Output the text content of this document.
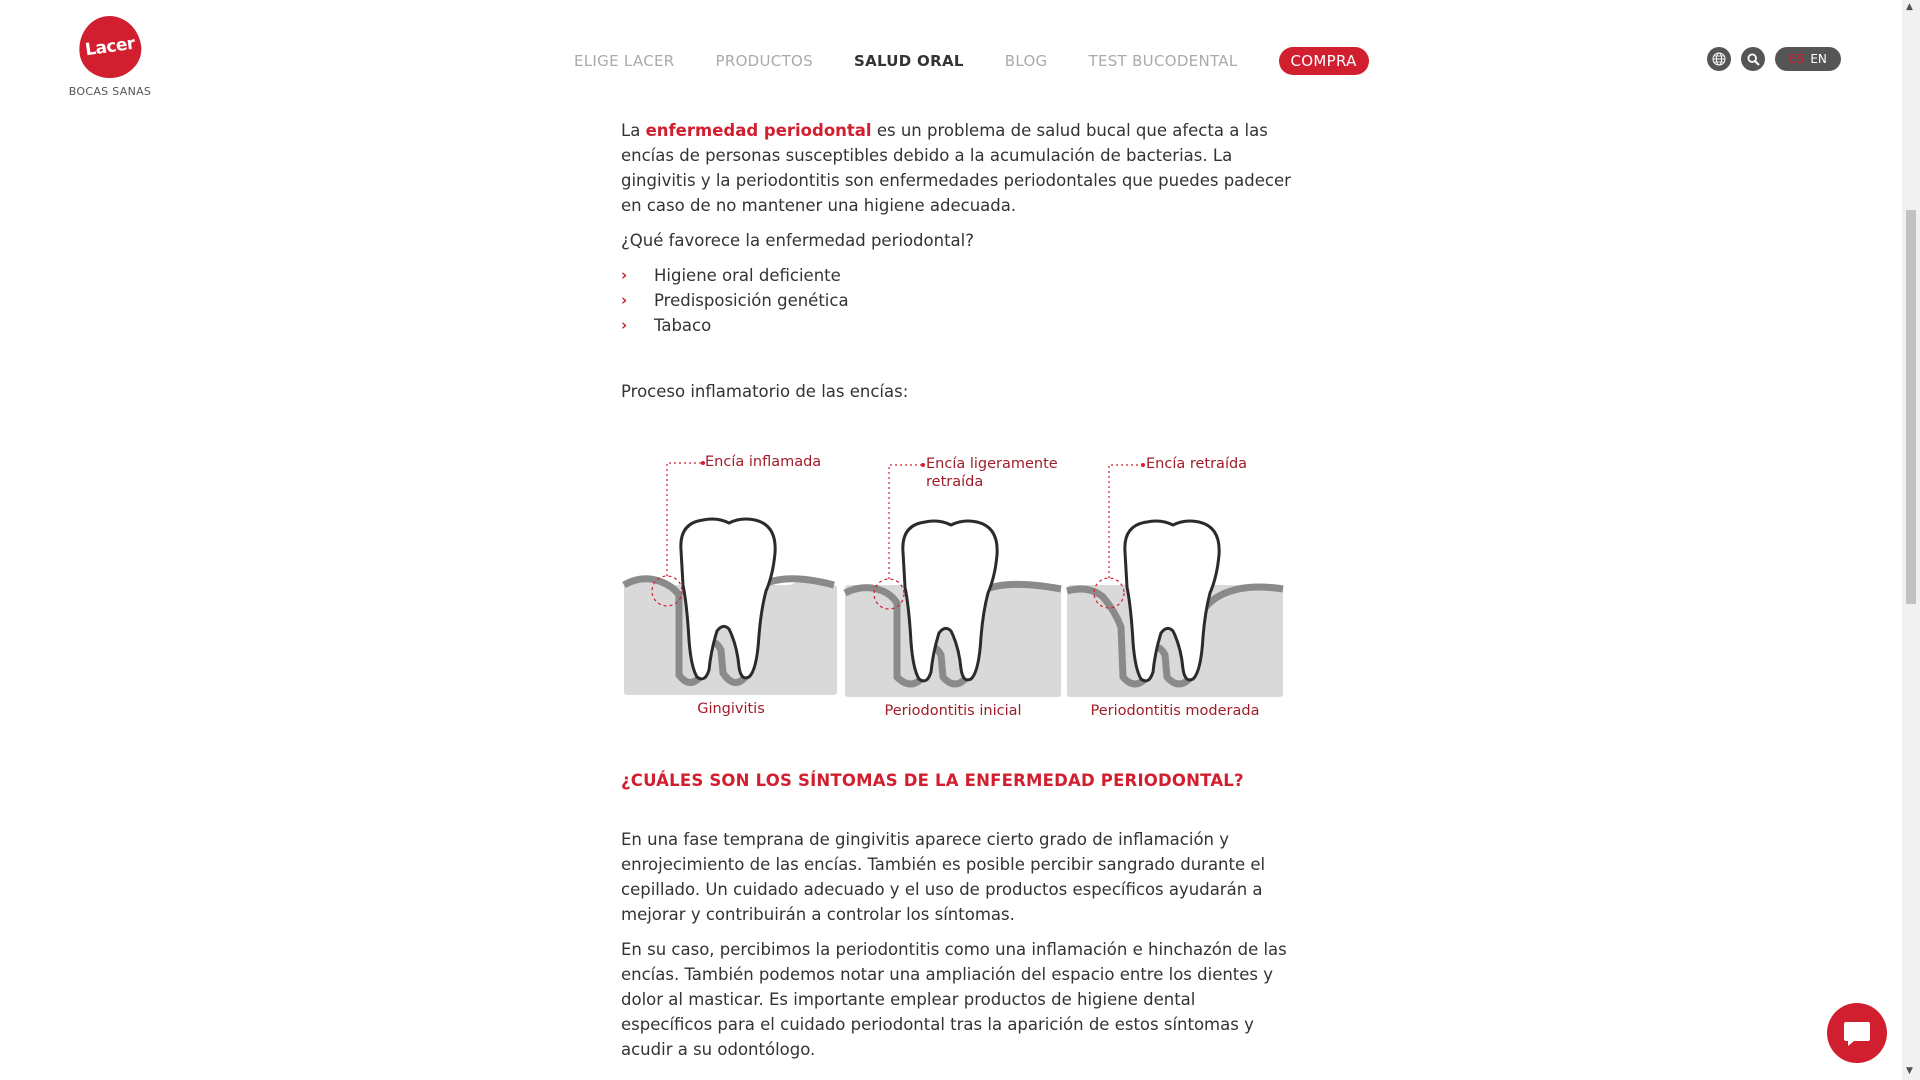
Lacer
BOCAS SANAS
ELIGE LACER	PRODUCTOS	SALUD ORAL	BLOG	TEST BUCODENTAL	COMPRA	ES EN

La enfermedad periodontal es un problema de salud bucal que afecta a las encías de personas susceptibles debido a la acumulación de bacterias. La gingivitis y la periodontitis son enfermedades periodontales que puedes padecer en caso de no mantener una higiene adecuada.

¿Qué favorece la enfermedad periodontal?

›	Higiene oral deficiente
›	Predisposición genética
›	Tabaco
Proceso inflamatorio de las encías:
Encía inflamada	Encía ligeramente retraída
Encía retraída
Gingivitis	Periodontitis inicial	Periodontitis moderada
¿CUÁLES SON LOS SÍNTOMAS DE LA ENFERMEDAD PERIODONTAL?

En una fase temprana de gingivitis aparece cierto grado de inflamación y enrojecimiento de las encías. También es posible percibir sangrado durante el cepillado. Un cuidado adecuado y el uso de productos específicos ayudarán a mejorar y contribuirán a controlar los síntomas.

En su caso, percibimos la periodontitis como una inflamación e hinchazón de las encías. También podemos notar una ampliación del espacio entre los dientes y dolor al masticar. Es importante emplear productos de higiene dental específicos para el cuidado periodontal tras la aparición de estos síntomas y acudir a su odontólogo.

▲
▼
